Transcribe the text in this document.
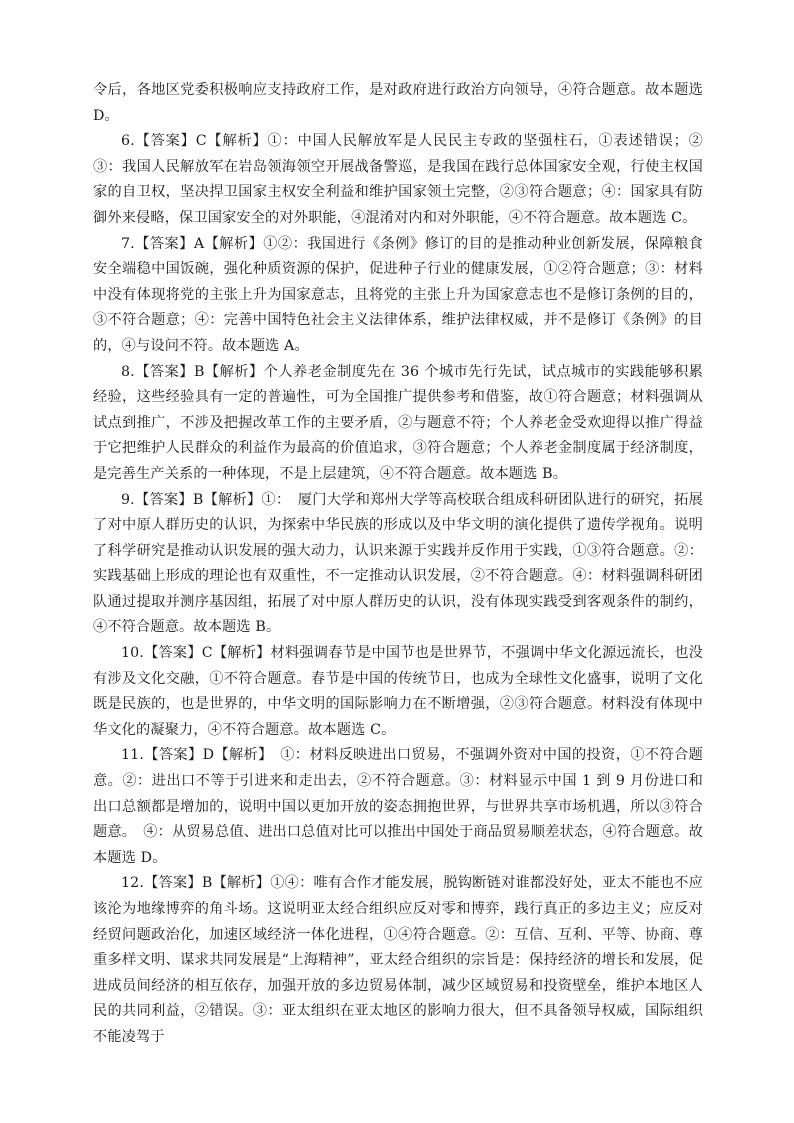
令后，各地区党委积极响应支持政府工作，是对政府进行政治方向领导，④符合题意。故本题选 D。

6.【答案】C【解析】①：中国人民解放军是人民民主专政的坚强柱石，①表述错误；②③：我国人民解放军在岩岛领海领空开展战备警巡，是我国在践行总体国家安全观，行使主权国家的自卫权，坚决捍卫国家主权安全利益和维护国家领土完整，②③符合题意；④：国家具有防御外来侵略，保卫国家安全的对外职能，④混淆对内和对外职能，④不符合题意。故本题选 C。

7.【答案】A【解析】①②：我国进行《条例》修订的目的是推动种业创新发展，保障粮食安全端稳中国饭碗，强化种质资源的保护，促进种子行业的健康发展，①②符合题意；③：材料中没有体现将党的主张上升为国家意志，且将党的主张上升为国家意志也不是修订条例的目的，③不符合题意；④：完善中国特色社会主义法律体系，维护法律权威，并不是修订《条例》的目的，④与设问不符。故本题选 A。

8.【答案】B【解析】个人养老金制度先在 36 个城市先行先试，试点城市的实践能够积累经验，这些经验具有一定的普遍性，可为全国推广提供参考和借鉴，故①符合题意；材料强调从试点到推广，不涉及把握改革工作的主要矛盾，②与题意不符；个人养老金受欢迎得以推广得益于它把维护人民群众的利益作为最高的价值追求，③符合题意；个人养老金制度属于经济制度，是完善生产关系的一种体现，不是上层建筑，④不符合题意。故本题选 B。

9.【答案】B【解析】①：　厦门大学和郑州大学等高校联合组成科研团队进行的研究，拓展了对中原人群历史的认识，为探索中华民族的形成以及中华文明的演化提供了遗传学视角。说明了科学研究是推动认识发展的强大动力，认识来源于实践并反作用于实践，①③符合题意。②：实践基础上形成的理论也有双重性，不一定推动认识发展，②不符合题意。④：材料强调科研团队通过提取并测序基因组，拓展了对中原人群历史的认识，没有体现实践受到客观条件的制约，④不符合题意。故本题选 B。

10.【答案】C【解析】材料强调春节是中国节也是世界节，不强调中华文化源远流长，也没有涉及文化交融，①不符合题意。春节是中国的传统节日，也成为全球性文化盛事，说明了文化既是民族的，也是世界的，中华文明的国际影响力在不断增强，②③符合题意。材料没有体现中华文化的凝聚力，④不符合题意。故本题选 C。

11.【答案】D【解析】　①：材料反映进出口贸易，不强调外资对中国的投资，①不符合题意。②：进出口不等于引进来和走出去，②不符合题意。③：材料显示中国 1 到 9 月份进口和出口总额都是增加的，说明中国以更加开放的姿态拥抱世界，与世界共享市场机遇，所以③符合题意。　④：从贸易总值、进出口总值对比可以推出中国处于商品贸易顺差状态，④符合题意。故本题选 D。

12.【答案】B【解析】①④：唯有合作才能发展，脱钩断链对谁都没好处，亚太不能也不应该沦为地缘博弈的角斗场。这说明亚太经合组织应反对零和博弈，践行真正的多边主义；应反对经贸问题政治化，加速区域经济一体化进程，①④符合题意。②：互信、互利、平等、协商、尊重多样文明、谋求共同发展是“上海精神”，亚太经合组织的宗旨是：保持经济的增长和发展，促进成员间经济的相互依存，加强开放的多边贸易体制，减少区域贸易和投资壁垒，维护本地区人民的共同利益，②错误。③：亚太组织在亚太地区的影响力很大，但不具备领导权威，国际组织不能凌驾于
